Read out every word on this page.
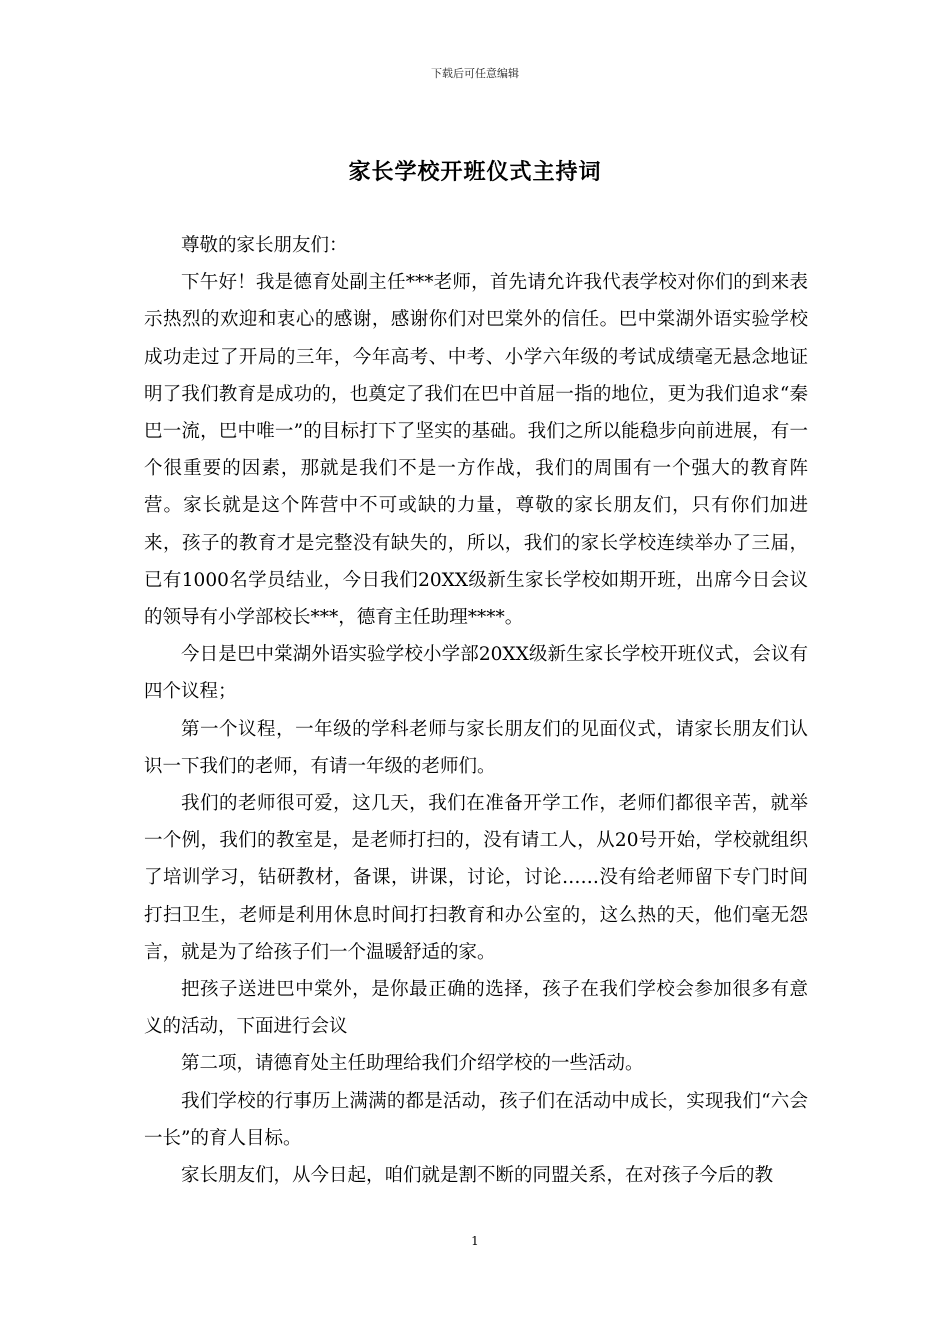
下载后可任意编辑
家长学校开班仪式主持词

尊敬的家长朋友们：

下午好！我是德育处副主任***老师，首先请允许我代表学校对你们的到来表示热烈的欢迎和衷心的感谢，感谢你们对巴棠外的信任。巴中棠湖外语实验学校成功走过了开局的三年，今年高考、中考、小学六年级的考试成绩毫无悬念地证明了我们教育是成功的，也奠定了我们在巴中首屈一指的地位，更为我们追求“秦巴一流，巴中唯一”的目标打下了坚实的基础。我们之所以能稳步向前进展，有一个很重要的因素，那就是我们不是一方作战，我们的周围有一个强大的教育阵营。家长就是这个阵营中不可或缺的力量，尊敬的家长朋友们，只有你们加进来，孩子的教育才是完整没有缺失的，所以，我们的家长学校连续举办了三届，已有1000名学员结业，今日我们20XX级新生家长学校如期开班，出席今日会议的领导有小学部校长***，德育主任助理****。

今日是巴中棠湖外语实验学校小学部20XX级新生家长学校开班仪式，会议有四个议程；

第一个议程，一年级的学科老师与家长朋友们的见面仪式，请家长朋友们认识一下我们的老师，有请一年级的老师们。

我们的老师很可爱，这几天，我们在准备开学工作，老师们都很辛苦，就举一个例，我们的教室是，是老师打扫的，没有请工人，从20号开始，学校就组织了培训学习，钻研教材，备课，讲课，讨论，讨论……没有给老师留下专门时间打扫卫生，老师是利用休息时间打扫教育和办公室的，这么热的天，他们毫无怨言，就是为了给孩子们一个温暖舒适的家。

把孩子送进巴中棠外，是你最正确的选择，孩子在我们学校会参加很多有意义的活动，下面进行会议

第二项，请德育处主任助理给我们介绍学校的一些活动。

我们学校的行事历上满满的都是活动，孩子们在活动中成长，实现我们“六会一长”的育人目标。

家长朋友们，从今日起，咱们就是割不断的同盟关系，在对孩子今后的教

1
